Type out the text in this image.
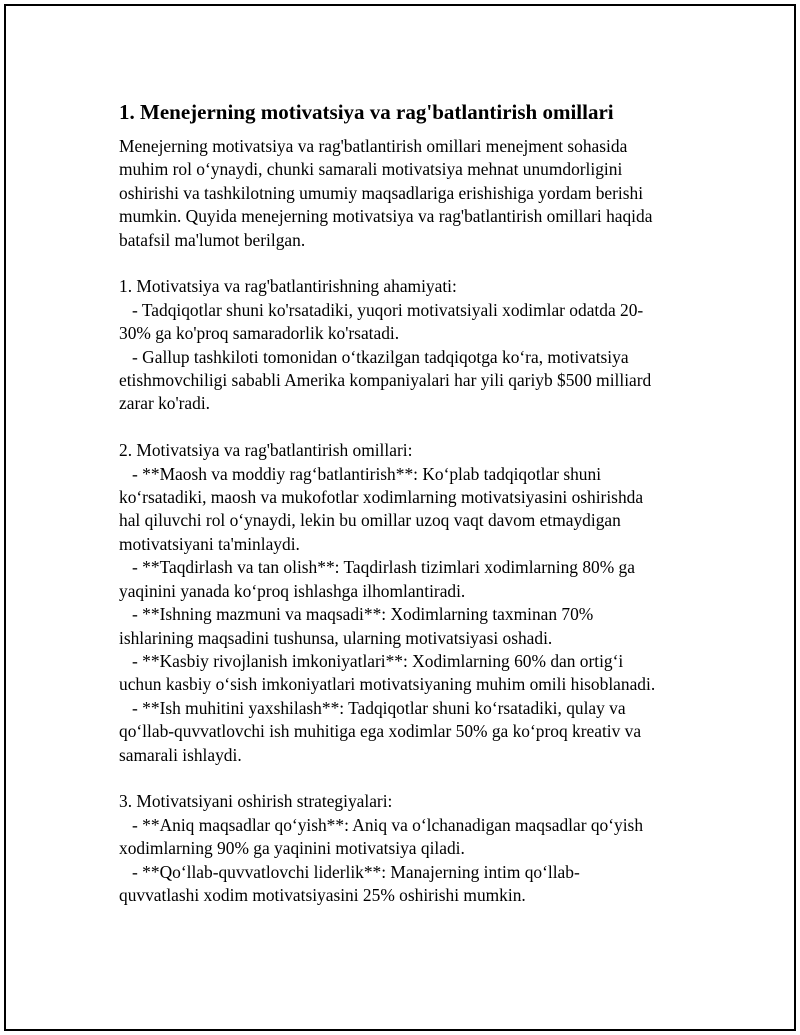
1. Menejerning motivatsiya va rag'batlantirish omillari
Menejerning motivatsiya va rag'batlantirish omillari menejment sohasida
muhim rol o‘ynaydi, chunki samarali motivatsiya mehnat unumdorligini
oshirishi va tashkilotning umumiy maqsadlariga erishishiga yordam berishi
mumkin. Quyida menejerning motivatsiya va rag'batlantirish omillari haqida
batafsil ma'lumot berilgan.
1. Motivatsiya va rag'batlantirishning ahamiyati:
- Tadqiqotlar shuni ko'rsatadiki, yuqori motivatsiyali xodimlar odatda 20-
30% ga ko'proq samaradorlik ko'rsatadi.
- Gallup tashkiloti tomonidan o‘tkazilgan tadqiqotga ko‘ra, motivatsiya
etishmovchiligi sababli Amerika kompaniyalari har yili qariyb $500 milliard
zarar ko'radi.
2. Motivatsiya va rag'batlantirish omillari:
- **Maosh va moddiy rag‘batlantirish**: Ko‘plab tadqiqotlar shuni
ko‘rsatadiki, maosh va mukofotlar xodimlarning motivatsiyasini oshirishda
hal qiluvchi rol o‘ynaydi, lekin bu omillar uzoq vaqt davom etmaydigan
motivatsiyani ta'minlaydi.
- **Taqdirlash va tan olish**: Taqdirlash tizimlari xodimlarning 80% ga
yaqinini yanada ko‘proq ishlashga ilhomlantiradi.
- **Ishning mazmuni va maqsadi**: Xodimlarning taxminan 70%
ishlarining maqsadini tushunsa, ularning motivatsiyasi oshadi.
- **Kasbiy rivojlanish imkoniyatlari**: Xodimlarning 60% dan ortig‘i
uchun kasbiy o‘sish imkoniyatlari motivatsiyaning muhim omili hisoblanadi.
- **Ish muhitini yaxshilash**: Tadqiqotlar shuni ko‘rsatadiki, qulay va
qo‘llab-quvvatlovchi ish muhitiga ega xodimlar 50% ga ko‘proq kreativ va
samarali ishlaydi.
3. Motivatsiyani oshirish strategiyalari:
- **Aniq maqsadlar qo‘yish**: Aniq va o‘lchanadigan maqsadlar qo‘yish
xodimlarning 90% ga yaqinini motivatsiya qiladi.
- **Qo‘llab-quvvatlovchi liderlik**: Manajerning intim qo‘llab-
quvvatlashi xodim motivatsiyasini 25% oshirishi mumkin.
